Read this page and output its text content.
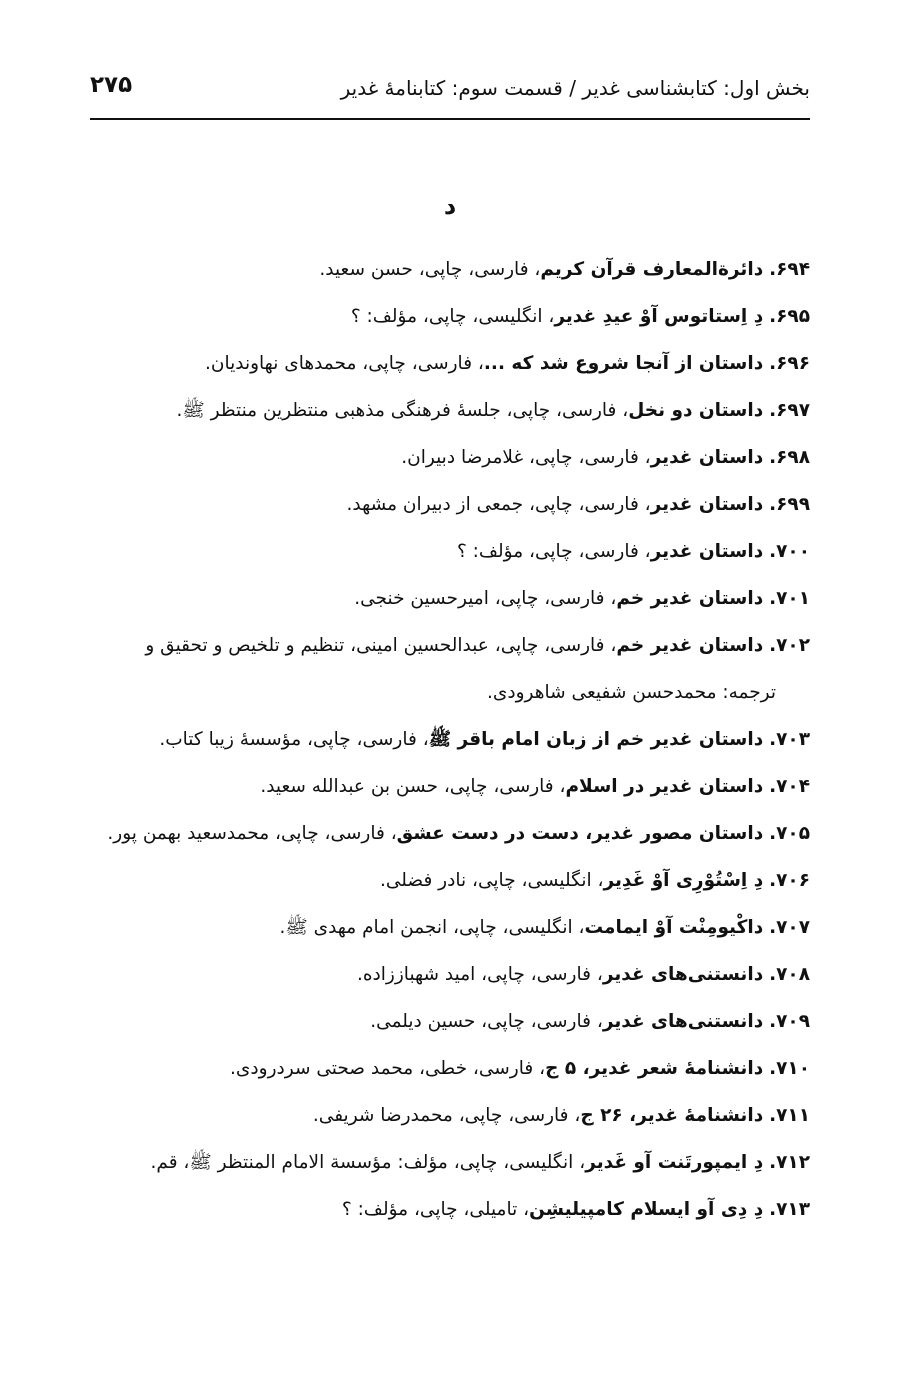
بخش اول: کتابشناسی غدیر / قسمت سوم: کتابنامۀ غدیر
۲۷۵
د
۶۹۴. دائرةالمعارف قرآن کریم، فارسی، چاپی، حسن سعید.
۶۹۵. دِ اِستاتوس آوْ عیدِ غدیر، انگلیسی، چاپی، مؤلف: ؟
۶۹۶. داستان از آنجا شروع شد که ...، فارسی، چاپی، محمدهای نهاوندیان.
۶۹۷. داستان دو نخل، فارسی، چاپی، جلسۀ فرهنگی مذهبی منتظرین منتظر ﷺ.
۶۹۸. داستان غدیر، فارسی، چاپی، غلامرضا دبیران.
۶۹۹. داستان غدیر، فارسی، چاپی، جمعی از دبیران مشهد.
۷۰۰. داستان غدیر، فارسی، چاپی، مؤلف: ؟
۷۰۱. داستان غدیر خم، فارسی، چاپی، امیرحسین خنجی.
۷۰۲. داستان غدیر خم، فارسی، چاپی، عبدالحسین امینی، تنظیم و تلخیص و تحقیق و
ترجمه: محمدحسن شفیعی شاهرودی.
۷۰۳. داستان غدیر خم از زبان امام باقر ﷺ، فارسی، چاپی، مؤسسۀ زیبا کتاب.
۷۰۴. داستان غدیر در اسلام، فارسی، چاپی، حسن بن عبدالله سعید.
۷۰۵. داستان مصور غدیر، دست در دست عشق، فارسی، چاپی، محمدسعید بهمن پور.
۷۰۶. دِ اِسْتُوْرِی آوْ غَدِیر، انگلیسی، چاپی، نادر فضلی.
۷۰۷. داکْیومِنْت آوْ ایمامت، انگلیسی، چاپی، انجمن امام مهدی ﷺ.
۷۰۸. دانستنی‌های غدیر، فارسی، چاپی، امید شهباززاده.
۷۰۹. دانستنی‌های غدیر، فارسی، چاپی، حسین دیلمی.
۷۱۰. دانشنامۀ شعر غدیر، ۵ ج، فارسی، خطی، محمد صحتی سردرودی.
۷۱۱. دانشنامۀ غدیر، ۲۶ ج، فارسی، چاپی، محمدرضا شریفی.
۷۱۲. دِ ایمپورتَنت آو غَدیر، انگلیسی، چاپی، مؤلف: مؤسسة الامام المنتظر ﷺ، قم.
۷۱۳. دِ دِی آو ایسلام کامپیلیشِن، تامیلی، چاپی، مؤلف: ؟
